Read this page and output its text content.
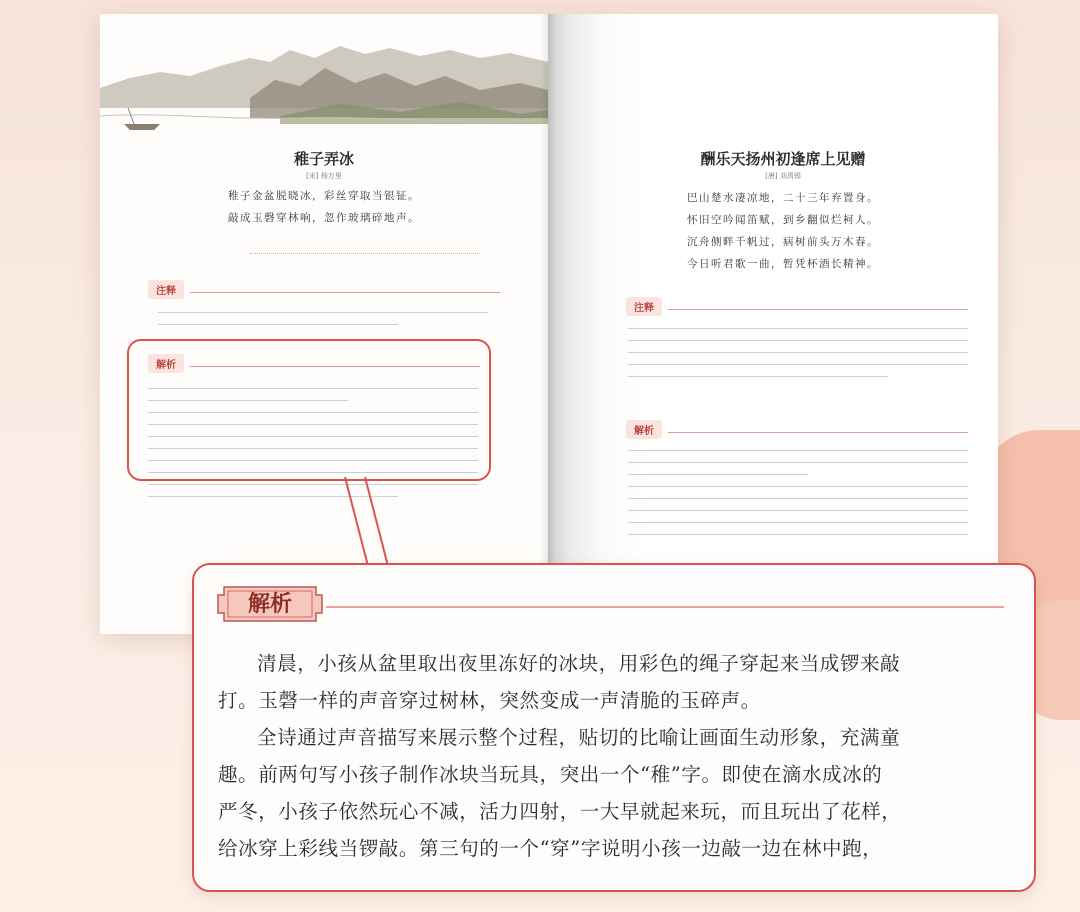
稚子弄冰
[宋] 杨万里
稚子金盆脱晓冰，彩丝穿取当银钲。
敲成玉磬穿林响，忽作玻璃碎地声。
注释
解析
酬乐天扬州初逢席上见赠
[唐] 刘禹锡
巴山楚水凄凉地，二十三年弃置身。
怀旧空吟闻笛赋，到乡翻似烂柯人。
沉舟侧畔千帆过，病树前头万木春。
今日听君歌一曲，暂凭杯酒长精神。
注释
解析
解析

清晨，小孩从盆里取出夜里冻好的冰块，用彩色的绳子穿起来当成锣来敲
打。玉磬一样的声音穿过树林，突然变成一声清脆的玉碎声。

全诗通过声音描写来展示整个过程，贴切的比喻让画面生动形象，充满童
趣。前两句写小孩子制作冰块当玩具，突出一个“稚”字。即使在滴水成冰的
严冬，小孩子依然玩心不减，活力四射，一大早就起来玩，而且玩出了花样，
给冰穿上彩线当锣敲。第三句的一个“穿”字说明小孩一边敲一边在林中跑，
